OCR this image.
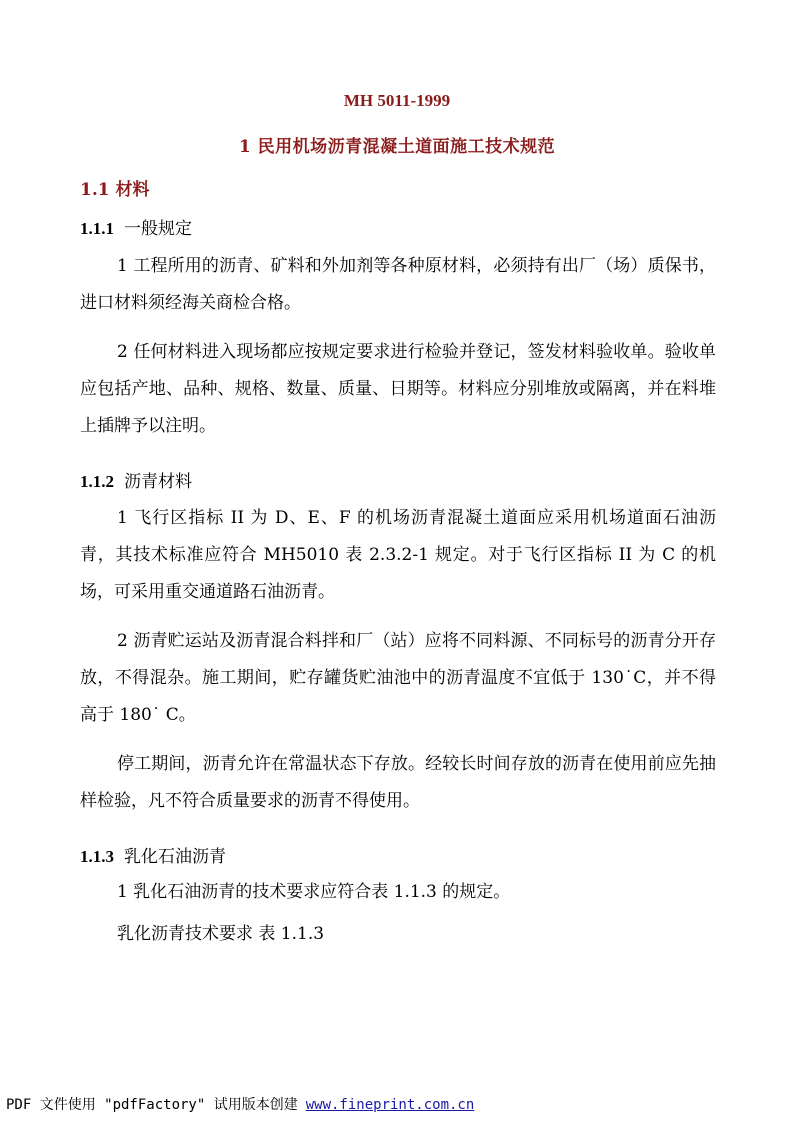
MH 5011-1999
1 民用机场沥青混凝土道面施工技术规范
1.1 材料
1.1.1 一般规定
1 工程所用的沥青、矿料和外加剂等各种原材料，必须持有出厂（场）质保书，进口材料须经海关商检合格。
2 任何材料进入现场都应按规定要求进行检验并登记，签发材料验收单。验收单应包括产地、品种、规格、数量、质量、日期等。材料应分别堆放或隔离，并在料堆上插牌予以注明。
1.1.2 沥青材料
1 飞行区指标 II 为 D、E、F 的机场沥青混凝土道面应采用机场道面石油沥青，其技术标准应符合 MH5010 表 2.3.2-1 规定。对于飞行区指标 II 为 C 的机场，可采用重交通道路石油沥青。
2 沥青贮运站及沥青混合料拌和厂（站）应将不同料源、不同标号的沥青分开存放，不得混杂。施工期间，贮存罐货贮油池中的沥青温度不宜低于 130˙C，并不得高于 180˙ C。
停工期间，沥青允许在常温状态下存放。经较长时间存放的沥青在使用前应先抽样检验，凡不符合质量要求的沥青不得使用。
1.1.3 乳化石油沥青
1 乳化石油沥青的技术要求应符合表 1.1.3 的规定。
乳化沥青技术要求 表 1.1.3
PDF 文件使用 "pdfFactory" 试用版本创建 www.fineprint.com.cn
